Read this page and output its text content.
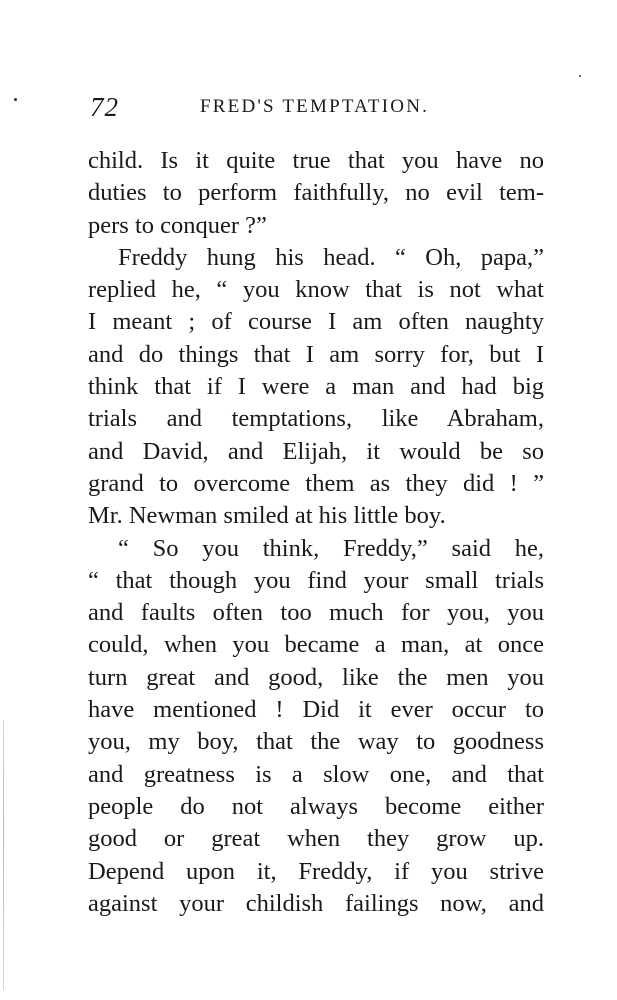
72	FRED'S TEMPTATION.
child. Is it quite true that you have no
duties to perform faithfully, no evil tem-
pers to conquer ?”
Freddy hung his head. “ Oh, papa,”
replied he, “ you know that is not what
I meant ; of course I am often naughty
and do things that I am sorry for, but I
think that if I were a man and had big
trials and temptations, like Abraham,
and David, and Elijah, it would be so
grand to overcome them as they did ! ”
Mr. Newman smiled at his little boy.
“ So you think, Freddy,” said he,
“ that though you find your small trials
and faults often too much for you, you
could, when you became a man, at once
turn great and good, like the men you
have mentioned ! Did it ever occur to
you, my boy, that the way to goodness
and greatness is a slow one, and that
people do not always become either
good or great when they grow up.
Depend upon it, Freddy, if you strive
against your childish failings now, and
